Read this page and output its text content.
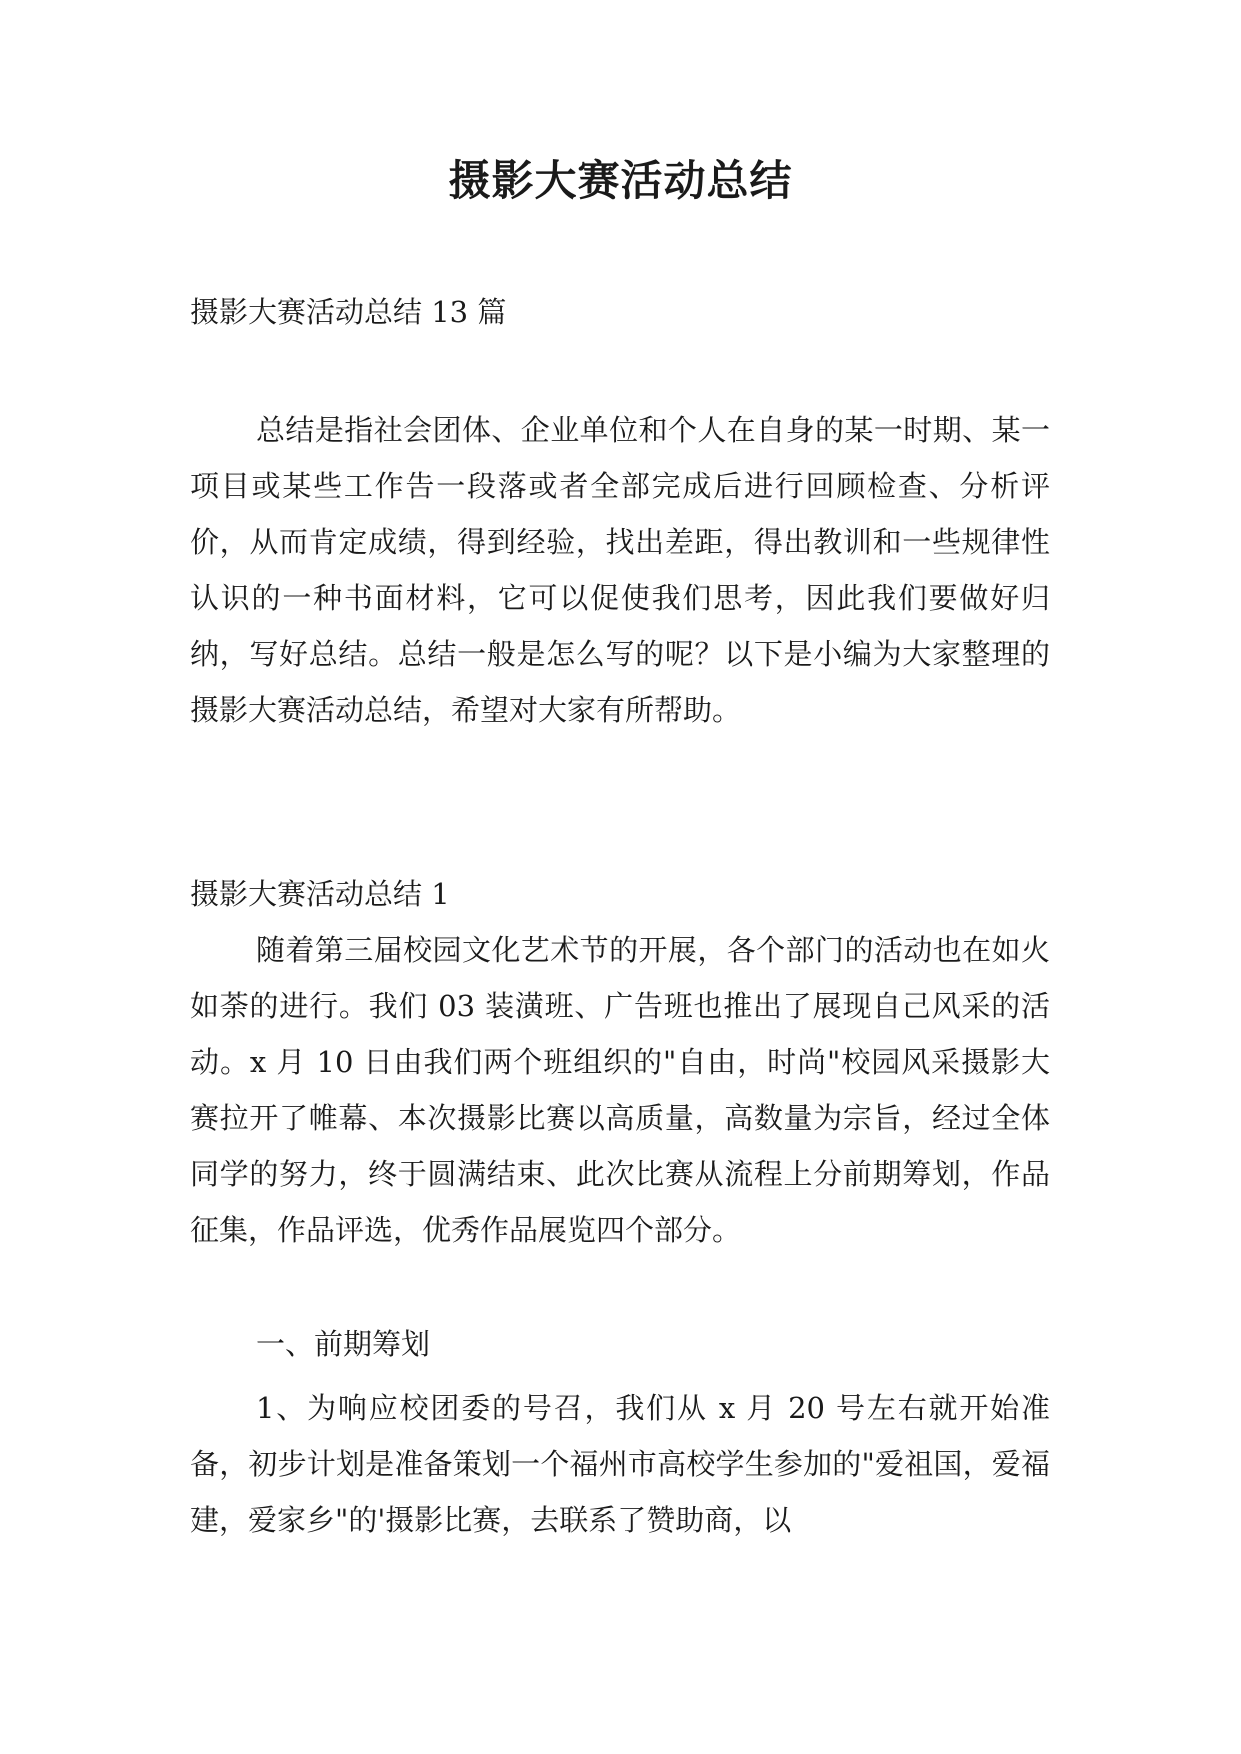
摄影大赛活动总结

摄影大赛活动总结 13 篇

总结是指社会团体、企业单位和个人在自身的某一时期、某一项目或某些工作告一段落或者全部完成后进行回顾检查、分析评价，从而肯定成绩，得到经验，找出差距，得出教训和一些规律性认识的一种书面材料，它可以促使我们思考，因此我们要做好归纳，写好总结。总结一般是怎么写的呢？以下是小编为大家整理的摄影大赛活动总结，希望对大家有所帮助。

摄影大赛活动总结 1

随着第三届校园文化艺术节的开展，各个部门的活动也在如火如荼的进行。我们 03 装潢班、广告班也推出了展现自己风采的活动。x 月 10 日由我们两个班组织的"自由，时尚"校园风采摄影大赛拉开了帷幕、本次摄影比赛以高质量，高数量为宗旨，经过全体同学的努力，终于圆满结束、此次比赛从流程上分前期筹划，作品征集，作品评选，优秀作品展览四个部分。

一、前期筹划

1、为响应校团委的号召，我们从 x 月 20 号左右就开始准备，初步计划是准备策划一个福州市高校学生参加的"爱祖国，爱福建，爱家乡"的'摄影比赛，去联系了赞助商，以
